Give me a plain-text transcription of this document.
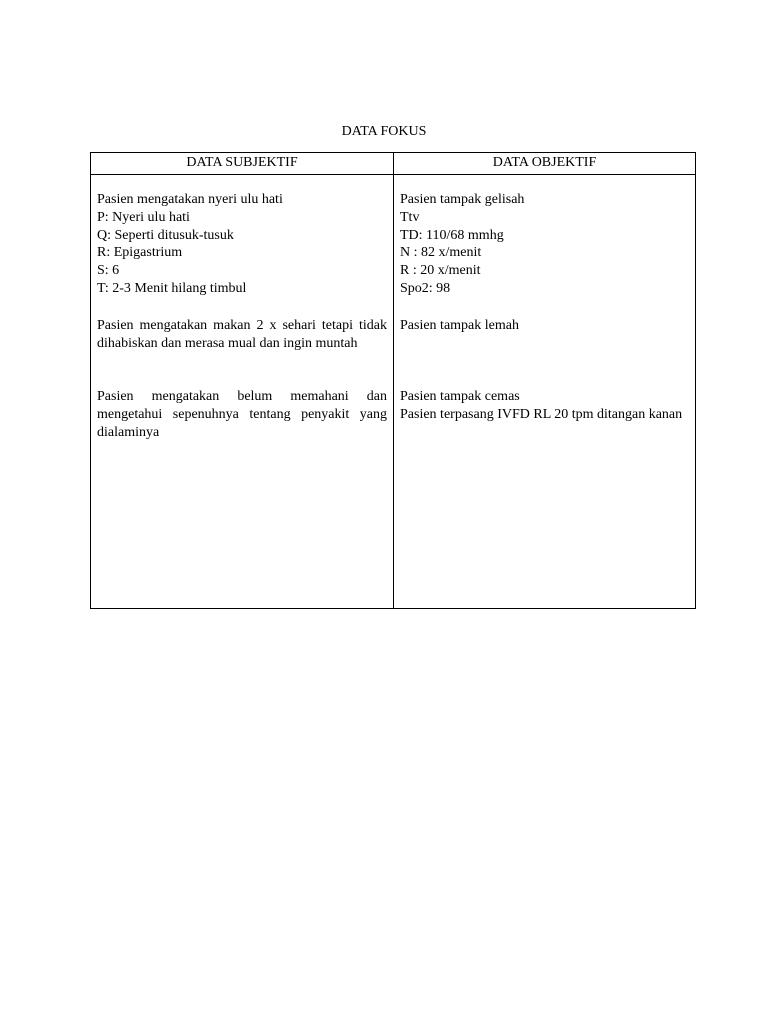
DATA FOKUS
DATA SUBJEKTIF	DATA OBJEKTIF
Pasien mengatakan nyeri ulu hati
P: Nyeri ulu hati
Q: Seperti ditusuk-tusuk
R: Epigastrium
S: 6
T: 2-3 Menit hilang timbul
Pasien mengatakan makan 2 x sehari tetapi tidak dihabiskan dan merasa mual dan ingin muntah
Pasien mengatakan belum memahani dan mengetahui sepenuhnya tentang penyakit yang dialaminya
Pasien tampak gelisah
Ttv
TD: 110/68 mmhg
N : 82 x/menit
R : 20 x/menit
Spo2: 98
Pasien tampak lemah
Pasien tampak cemas
Pasien terpasang IVFD RL 20 tpm ditangan kanan
